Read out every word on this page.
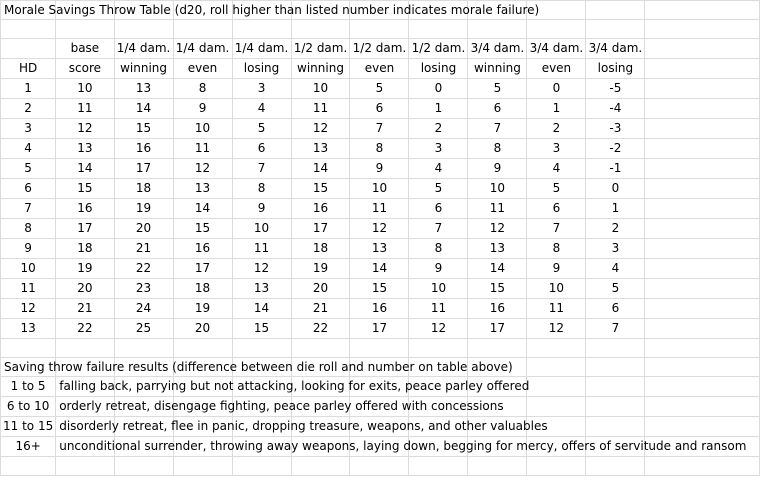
Morale Savings Throw Table (d20, roll higher than listed number indicates morale failure)											

	base	1/4 dam.	1/4 dam.	1/4 dam.	1/2 dam.	1/2 dam.	1/2 dam.	3/4 dam.	3/4 dam.	3/4 dam.	
HD	score	winning	even	losing	winning	even	losing	winning	even	losing	
1	10	13	8	3	10	5	0	5	0	-5	
2	11	14	9	4	11	6	1	6	1	-4	
3	12	15	10	5	12	7	2	7	2	-3	
4	13	16	11	6	13	8	3	8	3	-2	
5	14	17	12	7	14	9	4	9	4	-1	
6	15	18	13	8	15	10	5	10	5	0	
7	16	19	14	9	16	11	6	11	6	1	
8	17	20	15	10	17	12	7	12	7	2	
9	18	21	16	11	18	13	8	13	8	3	
10	19	22	17	12	19	14	9	14	9	4	
11	20	23	18	13	20	15	10	15	10	5	
12	21	24	19	14	21	16	11	16	11	6	
13	22	25	20	15	22	17	12	17	12	7	

Saving throw failure results (difference between die roll and number on table above)											

1 to 5	falling back, parrying but not attacking, looking for exits, peace parley offered										

6 to 10	orderly retreat, disengage fighting, peace parley offered with concessions										

11 to 15	disorderly retreat, flee in panic, dropping treasure, weapons, and other valuables										

16+	unconditional surrender, throwing away weapons, laying down, begging for mercy, offers of servitude and ransom										
